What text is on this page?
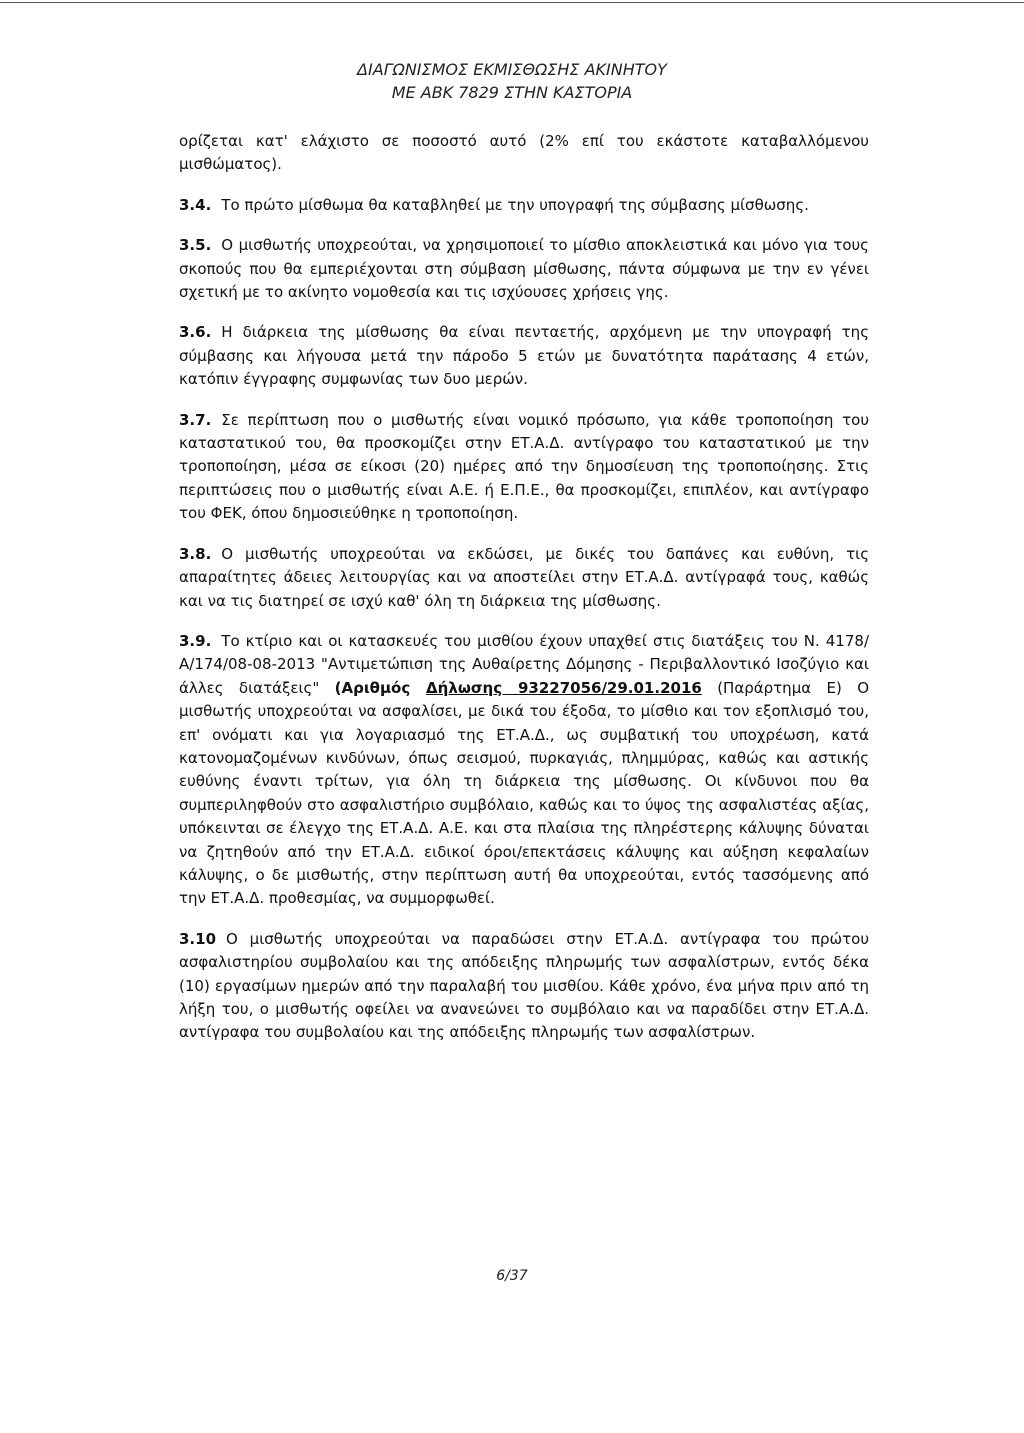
ΔΙΑΓΩΝΙΣΜΟΣ ΕΚΜΙΣΘΩΣΗΣ ΑΚΙΝΗΤΟΥ
ΜΕ ΑΒΚ 7829 ΣΤΗΝ ΚΑΣΤΟΡΙΑ

ορίζεται κατ' ελάχιστο σε ποσοστό αυτό (2% επί του εκάστοτε καταβαλλόμενου μισθώματος).

3.4. Το πρώτο μίσθωμα θα καταβληθεί με την υπογραφή της σύμβασης μίσθωσης.

3.5. Ο μισθωτής υποχρεούται, να χρησιμοποιεί το μίσθιο αποκλειστικά και μόνο για τους σκοπούς που θα εμπεριέχονται στη σύμβαση μίσθωσης, πάντα σύμφωνα με την εν γένει σχετική με το ακίνητο νομοθεσία και τις ισχύουσες χρήσεις γης.

3.6. Η διάρκεια της μίσθωσης θα είναι πενταετής, αρχόμενη με την υπογραφή της σύμβασης και λήγουσα μετά την πάροδο 5 ετών με δυνατότητα παράτασης 4 ετών, κατόπιν έγγραφης συμφωνίας των δυο μερών.

3.7. Σε περίπτωση που ο μισθωτής είναι νομικό πρόσωπο, για κάθε τροποποίηση του καταστατικού του, θα προσκομίζει στην ΕΤ.Α.Δ. αντίγραφο του καταστατικού με την τροποποίηση, μέσα σε είκοσι (20) ημέρες από την δημοσίευση της τροποποίησης. Στις περιπτώσεις που ο μισθωτής είναι Α.Ε. ή Ε.Π.Ε., θα προσκομίζει, επιπλέον, και αντίγραφο του ΦΕΚ, όπου δημοσιεύθηκε η τροποποίηση.

3.8. Ο μισθωτής υποχρεούται να εκδώσει, με δικές του δαπάνες και ευθύνη, τις απαραίτητες άδειες λειτουργίας και να αποστείλει στην ΕΤ.Α.Δ. αντίγραφά τους, καθώς και να τις διατηρεί σε ισχύ καθ' όλη τη διάρκεια της μίσθωσης.

3.9. Το κτίριο και οι κατασκευές του μισθίου έχουν υπαχθεί στις διατάξεις του Ν. 4178/Α/174/08-08-2013 "Αντιμετώπιση της Αυθαίρετης Δόμησης - Περιβαλλοντικό Ισοζύγιο και άλλες διατάξεις" (Αριθμός Δήλωσης 93227056/29.01.2016 (Παράρτημα Ε) Ο μισθωτής υποχρεούται να ασφαλίσει, με δικά του έξοδα, το μίσθιο και τον εξοπλισμό του, επ' ονόματι και για λογαριασμό της ΕΤ.Α.Δ., ως συμβατική του υποχρέωση, κατά κατονομαζομένων κινδύνων, όπως σεισμού, πυρκαγιάς, πλημμύρας, καθώς και αστικής ευθύνης έναντι τρίτων, για όλη τη διάρκεια της μίσθωσης. Οι κίνδυνοι που θα συμπεριληφθούν στο ασφαλιστήριο συμβόλαιο, καθώς και το ύψος της ασφαλιστέας αξίας, υπόκεινται σε έλεγχο της ΕΤ.Α.Δ. Α.Ε. και στα πλαίσια της πληρέστερης κάλυψης δύναται να ζητηθούν από την ΕΤ.Α.Δ. ειδικοί όροι/επεκτάσεις κάλυψης και αύξηση κεφαλαίων κάλυψης, ο δε μισθωτής, στην περίπτωση αυτή θα υποχρεούται, εντός τασσόμενης από την ΕΤ.Α.Δ. προθεσμίας, να συμμορφωθεί.

3.10 Ο μισθωτής υποχρεούται να παραδώσει στην ΕΤ.Α.Δ. αντίγραφα του πρώτου ασφαλιστηρίου συμβολαίου και της απόδειξης πληρωμής των ασφαλίστρων, εντός δέκα (10) εργασίμων ημερών από την παραλαβή του μισθίου. Κάθε χρόνο, ένα μήνα πριν από τη λήξη του, ο μισθωτής οφείλει να ανανεώνει το συμβόλαιο και να παραδίδει στην ΕΤ.Α.Δ. αντίγραφα του συμβολαίου και της απόδειξης πληρωμής των ασφαλίστρων.

6/37
